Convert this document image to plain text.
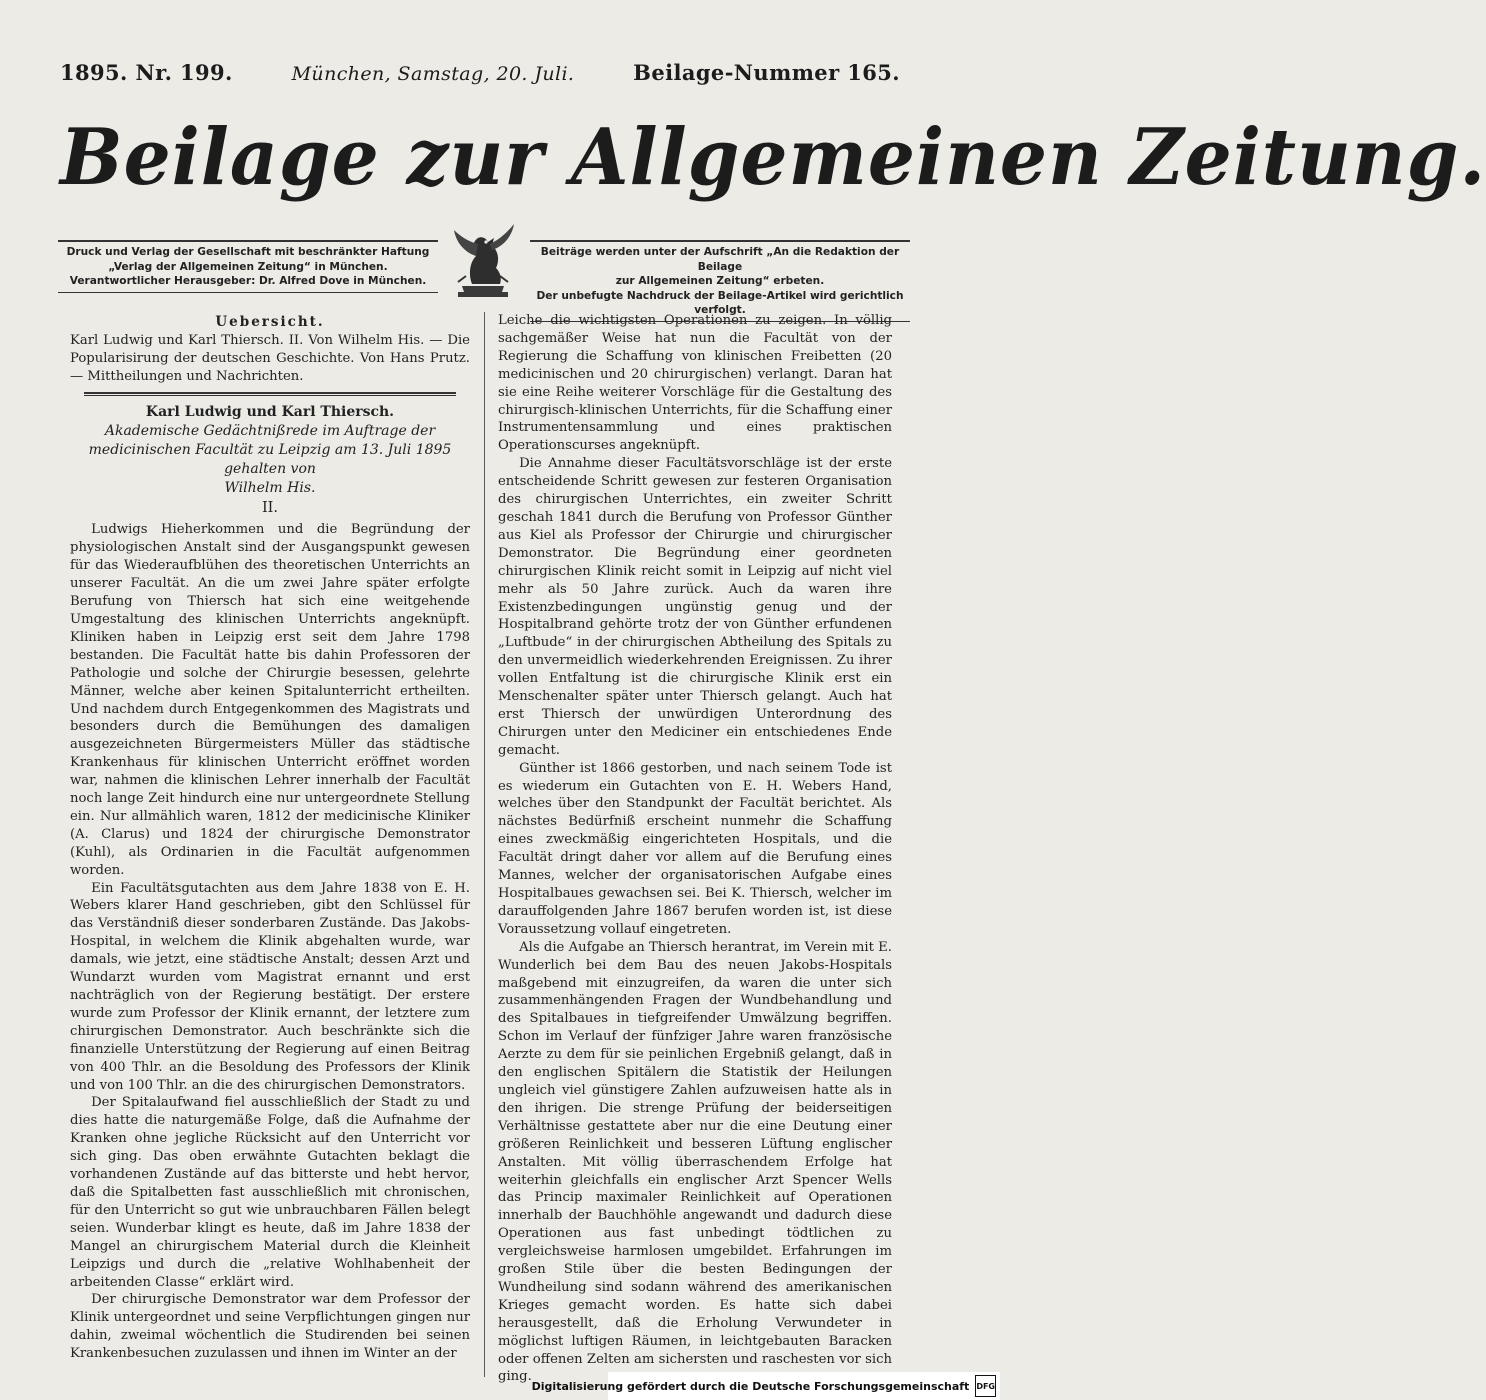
1895. Nr. 199.	München, Samstag, 20. Juli.	Beilage-Nummer 165.
Beilage zur Allgemeinen Zeitung.
Druck und Verlag der Gesellschaft mit beschränkter Haftung
„Verlag der Allgemeinen Zeitung“ in München.
Verantwortlicher Herausgeber: Dr. Alfred Dove in München.
Beiträge werden unter der Aufschrift „An die Redaktion der Beilage
zur Allgemeinen Zeitung“ erbeten.
Der unbefugte Nachdruck der Beilage-Artikel wird gerichtlich verfolgt.
Uebersicht.

Karl Ludwig und Karl Thiersch. II. Von Wilhelm His. — Die Popularisirung der deutschen Geschichte. Von Hans Prutz. — Mittheilungen und Nachrichten.

Karl Ludwig und Karl Thiersch.
Akademische Gedächtnißrede im Auftrage der medicinischen Facultät zu Leipzig am 13. Juli 1895 gehalten von
Wilhelm His.
II.

Ludwigs Hieherkommen und die Begründung der physiologischen Anstalt sind der Ausgangspunkt gewesen für das Wiederaufblühen des theoretischen Unterrichts an unserer Facultät. An die um zwei Jahre später erfolgte Berufung von Thiersch hat sich eine weitgehende Umgestaltung des klinischen Unterrichts angeknüpft. Kliniken haben in Leipzig erst seit dem Jahre 1798 bestanden. Die Facultät hatte bis dahin Professoren der Pathologie und solche der Chirurgie besessen, gelehrte Männer, welche aber keinen Spitalunterricht ertheilten. Und nachdem durch Entgegenkommen des Magistrats und besonders durch die Bemühungen des damaligen ausgezeichneten Bürgermeisters Müller das städtische Krankenhaus für klinischen Unterricht eröffnet worden war, nahmen die klinischen Lehrer innerhalb der Facultät noch lange Zeit hindurch eine nur untergeordnete Stellung ein. Nur allmählich waren, 1812 der medicinische Kliniker (A. Clarus) und 1824 der chirurgische Demonstrator (Kuhl), als Ordinarien in die Facultät aufgenommen worden.

Ein Facultätsgutachten aus dem Jahre 1838 von E. H. Webers klarer Hand geschrieben, gibt den Schlüssel für das Verständniß dieser sonderbaren Zustände. Das Jakobs-Hospital, in welchem die Klinik abgehalten wurde, war damals, wie jetzt, eine städtische Anstalt; dessen Arzt und Wundarzt wurden vom Magistrat ernannt und erst nachträglich von der Regierung bestätigt. Der erstere wurde zum Professor der Klinik ernannt, der letztere zum chirurgischen Demonstrator. Auch beschränkte sich die finanzielle Unterstützung der Regierung auf einen Beitrag von 400 Thlr. an die Besoldung des Professors der Klinik und von 100 Thlr. an die des chirurgischen Demonstrators.

Der Spitalaufwand fiel ausschließlich der Stadt zu und dies hatte die naturgemäße Folge, daß die Aufnahme der Kranken ohne jegliche Rücksicht auf den Unterricht vor sich ging. Das oben erwähnte Gutachten beklagt die vorhandenen Zustände auf das bitterste und hebt hervor, daß die Spitalbetten fast ausschließlich mit chronischen, für den Unterricht so gut wie unbrauchbaren Fällen belegt seien. Wunderbar klingt es heute, daß im Jahre 1838 der Mangel an chirurgischem Material durch die Kleinheit Leipzigs und durch die „relative Wohlhabenheit der arbeitenden Classe“ erklärt wird.

Der chirurgische Demonstrator war dem Professor der Klinik untergeordnet und seine Verpflichtungen gingen nur dahin, zweimal wöchentlich die Studirenden bei seinen Krankenbesuchen zuzulassen und ihnen im Winter an der

Leiche die wichtigsten Operationen zu zeigen. In völlig sachgemäßer Weise hat nun die Facultät von der Regierung die Schaffung von klinischen Freibetten (20 medicinischen und 20 chirurgischen) verlangt. Daran hat sie eine Reihe weiterer Vorschläge für die Gestaltung des chirurgisch-klinischen Unterrichts, für die Schaffung einer Instrumentensammlung und eines praktischen Operationscurses angeknüpft.

Die Annahme dieser Facultätsvorschläge ist der erste entscheidende Schritt gewesen zur festeren Organisation des chirurgischen Unterrichtes, ein zweiter Schritt geschah 1841 durch die Berufung von Professor Günther aus Kiel als Professor der Chirurgie und chirurgischer Demonstrator. Die Begründung einer geordneten chirurgischen Klinik reicht somit in Leipzig auf nicht viel mehr als 50 Jahre zurück. Auch da waren ihre Existenzbedingungen ungünstig genug und der Hospitalbrand gehörte trotz der von Günther erfundenen „Luftbude“ in der chirurgischen Abtheilung des Spitals zu den unvermeidlich wiederkehrenden Ereignissen. Zu ihrer vollen Entfaltung ist die chirurgische Klinik erst ein Menschenalter später unter Thiersch gelangt. Auch hat erst Thiersch der unwürdigen Unterordnung des Chirurgen unter den Mediciner ein entschiedenes Ende gemacht.

Günther ist 1866 gestorben, und nach seinem Tode ist es wiederum ein Gutachten von E. H. Webers Hand, welches über den Standpunkt der Facultät berichtet. Als nächstes Bedürfniß erscheint nunmehr die Schaffung eines zweckmäßig eingerichteten Hospitals, und die Facultät dringt daher vor allem auf die Berufung eines Mannes, welcher der organisatorischen Aufgabe eines Hospitalbaues gewachsen sei. Bei K. Thiersch, welcher im darauffolgenden Jahre 1867 berufen worden ist, ist diese Voraussetzung vollauf eingetreten.

Als die Aufgabe an Thiersch herantrat, im Verein mit E. Wunderlich bei dem Bau des neuen Jakobs-Hospitals maßgebend mit einzugreifen, da waren die unter sich zusammenhängenden Fragen der Wundbehandlung und des Spitalbaues in tiefgreifender Umwälzung begriffen. Schon im Verlauf der fünfziger Jahre waren französische Aerzte zu dem für sie peinlichen Ergebniß gelangt, daß in den englischen Spitälern die Statistik der Heilungen ungleich viel günstigere Zahlen aufzuweisen hatte als in den ihrigen. Die strenge Prüfung der beiderseitigen Verhältnisse gestattete aber nur die eine Deutung einer größeren Reinlichkeit und besseren Lüftung englischer Anstalten. Mit völlig überraschendem Erfolge hat weiterhin gleichfalls ein englischer Arzt Spencer Wells das Princip maximaler Reinlichkeit auf Operationen innerhalb der Bauchhöhle angewandt und dadurch diese Operationen aus fast unbedingt tödtlichen zu vergleichsweise harmlosen umgebildet. Erfahrungen im großen Stile über die besten Bedingungen der Wundheilung sind sodann während des amerikanischen Krieges gemacht worden. Es hatte sich dabei herausgestellt, daß die Erholung Verwundeter in möglichst luftigen Räumen, in leichtgebauten Baracken oder offenen Zelten am sichersten und raschesten vor sich ging.

Digitalisierung gefördert durch die Deutsche Forschungsgemeinschaft DFG
